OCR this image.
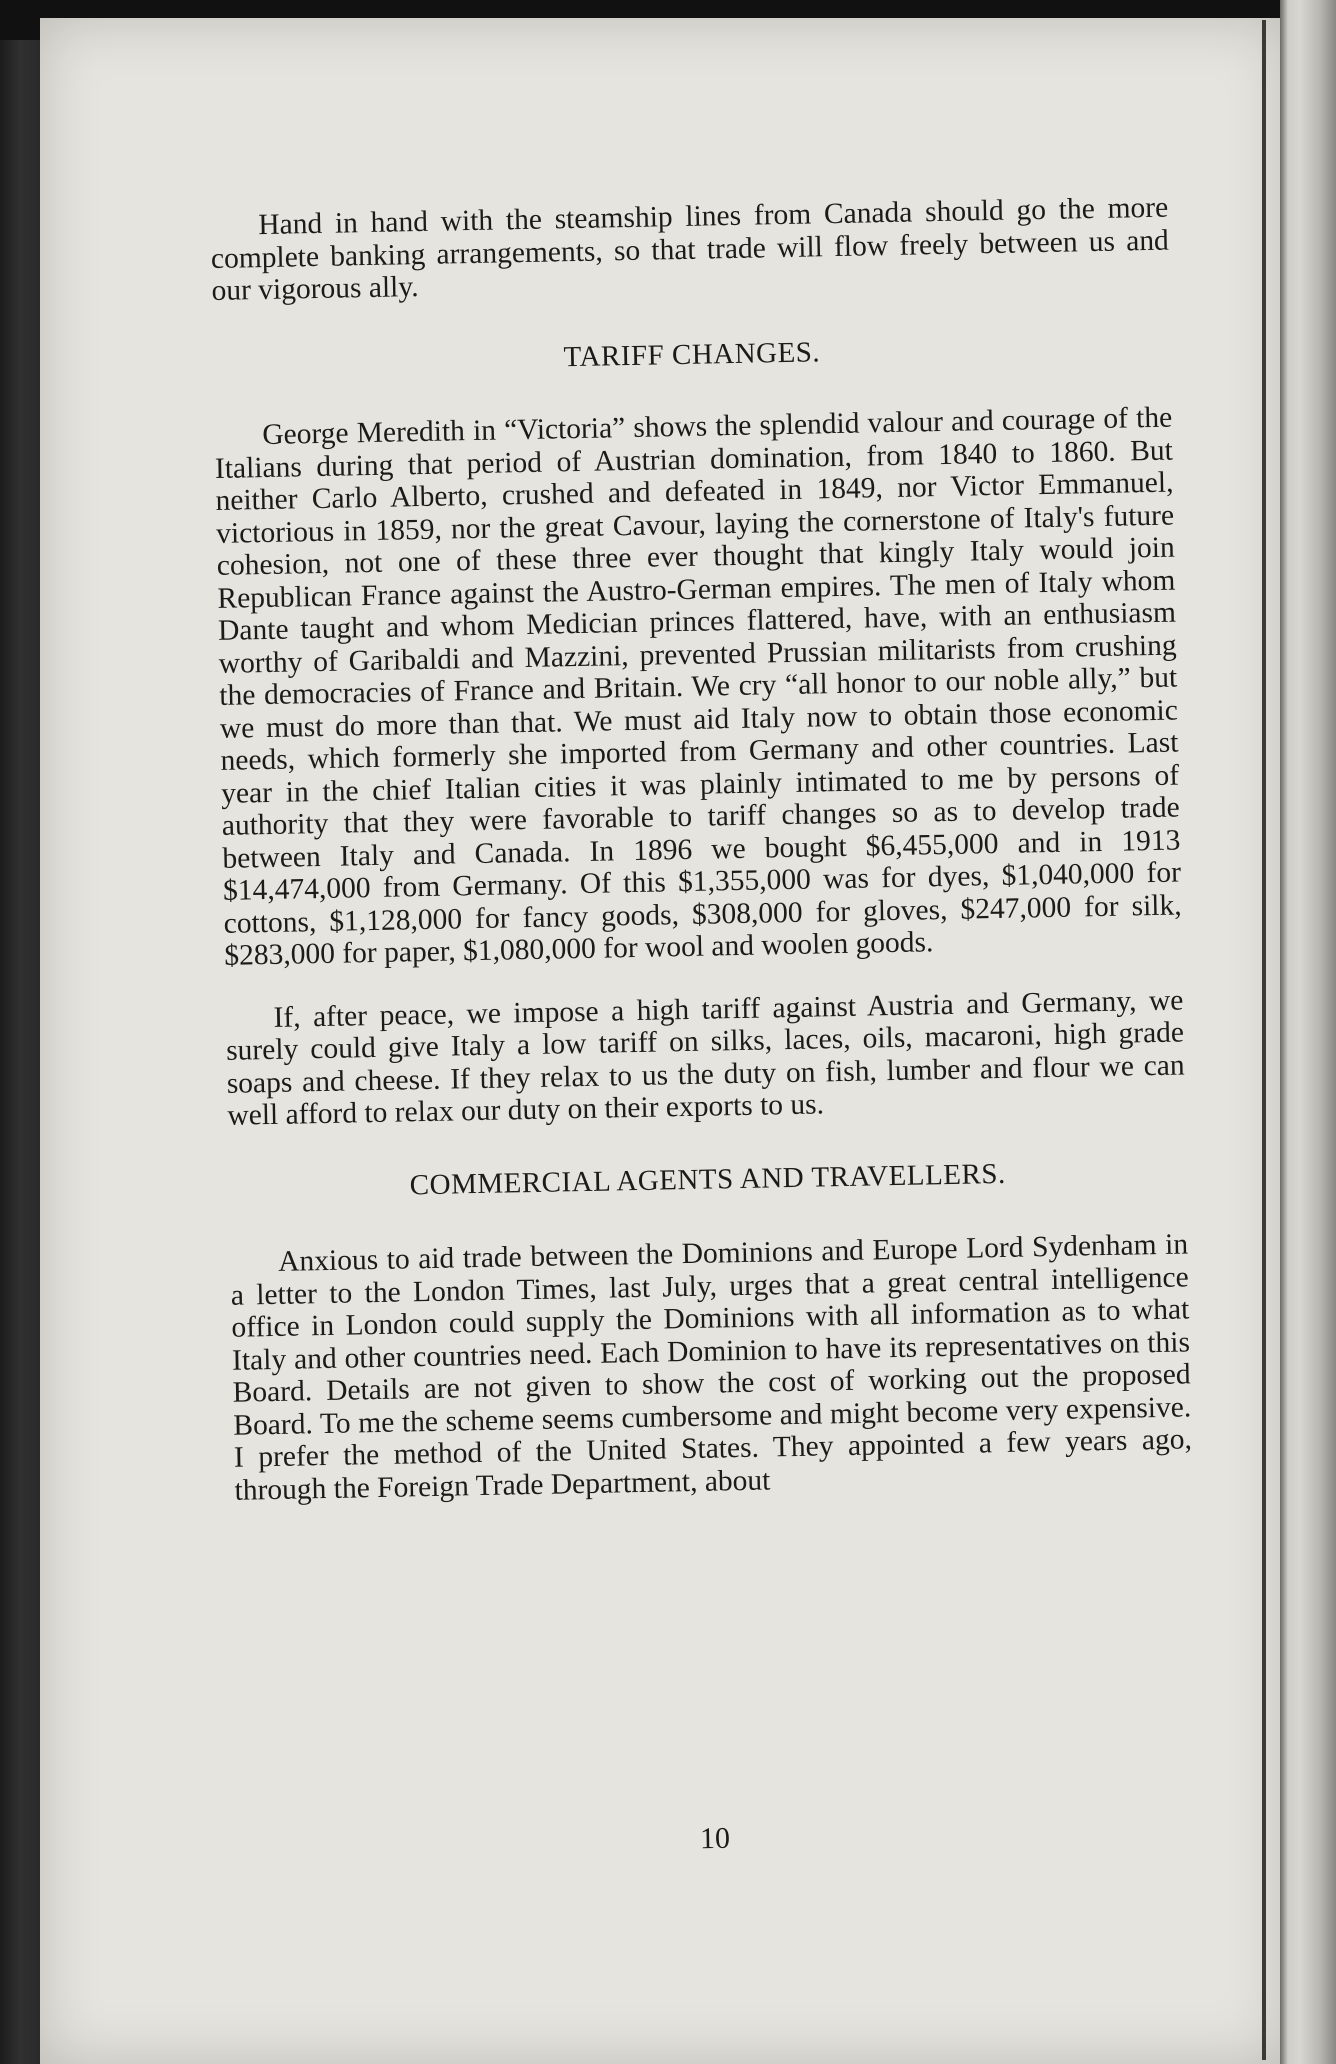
Hand in hand with the steamship lines from Canada should go the more complete banking arrangements, so that trade will flow freely between us and our vigorous ally.

TARIFF CHANGES.

George Meredith in “Victoria” shows the splendid valour and courage of the Italians during that period of Austrian domination, from 1840 to 1860. But neither Carlo Alberto, crushed and defeated in 1849, nor Victor Emmanuel, victorious in 1859, nor the great Cavour, laying the cornerstone of Italy's future cohesion, not one of these three ever thought that kingly Italy would join Republican France against the Austro-German empires. The men of Italy whom Dante taught and whom Medician princes flattered, have, with an enthusiasm worthy of Garibaldi and Mazzini, prevented Prussian militarists from crushing the democracies of France and Britain. We cry “all honor to our noble ally,” but we must do more than that. We must aid Italy now to obtain those economic needs, which formerly she imported from Germany and other countries. Last year in the chief Italian cities it was plainly intimated to me by persons of authority that they were favorable to tariff changes so as to develop trade between Italy and Canada. In 1896 we bought $6,455,000 and in 1913 $14,474,000 from Germany. Of this $1,355,000 was for dyes, $1,040,000 for cottons, $1,128,000 for fancy goods, $308,000 for gloves, $247,000 for silk, $283,000 for paper, $1,080,000 for wool and woolen goods.

If, after peace, we impose a high tariff against Austria and Germany, we surely could give Italy a low tariff on silks, laces, oils, macaroni, high grade soaps and cheese. If they relax to us the duty on fish, lumber and flour we can well afford to relax our duty on their exports to us.

COMMERCIAL AGENTS AND TRAVELLERS.

Anxious to aid trade between the Dominions and Europe Lord Sydenham in a letter to the London Times, last July, urges that a great central intelligence office in London could supply the Dominions with all information as to what Italy and other countries need. Each Dominion to have its representatives on this Board. Details are not given to show the cost of working out the proposed Board. To me the scheme seems cumbersome and might become very expensive. I prefer the method of the United States. They appointed a few years ago, through the Foreign Trade Department, about

10
